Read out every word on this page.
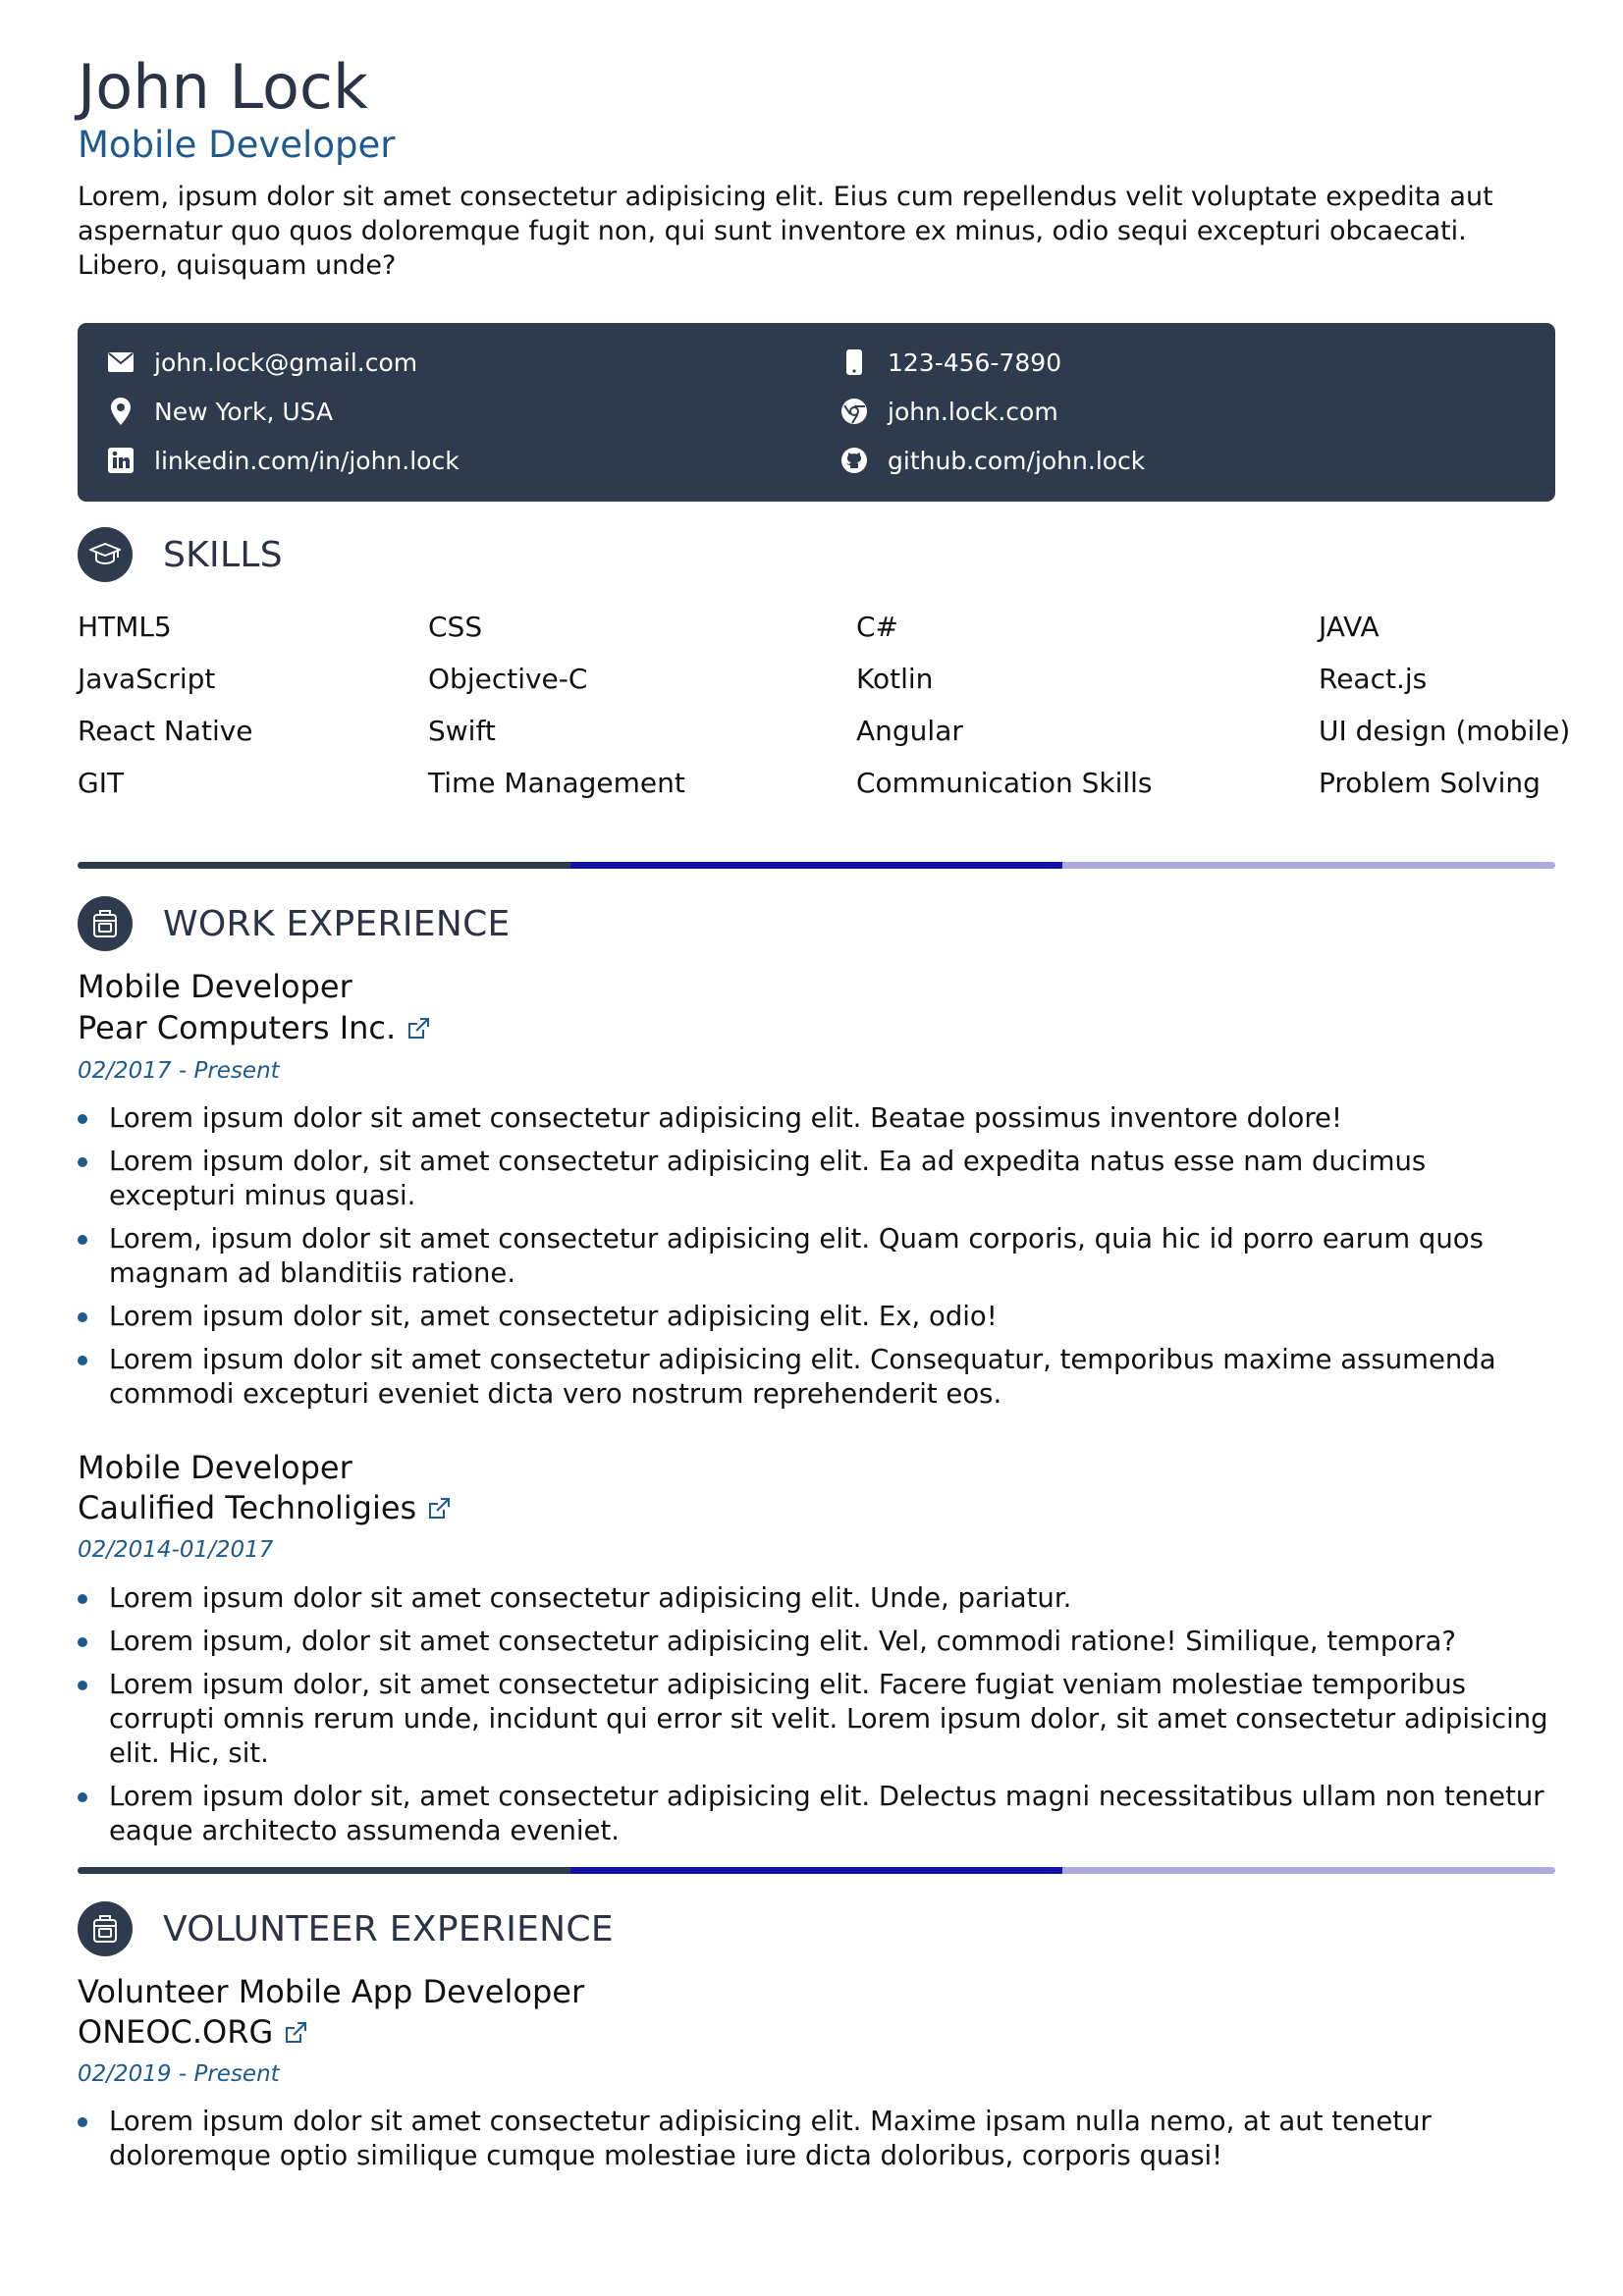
John Lock
Mobile Developer
Lorem, ipsum dolor sit amet consectetur adipisicing elit. Eius cum repellendus velit voluptate expedita aut aspernatur quo quos doloremque fugit non, qui sunt inventore ex minus, odio sequi excepturi obcaecati. Libero, quisquam unde?
john.lock@gmail.com
New York, USA
linkedin.com/in/john.lock
123-456-7890
john.lock.com
github.com/john.lock
SKILLS
HTML5	CSS	C#	JAVA
JavaScript	Objective-C	Kotlin	React.js
React Native	Swift	Angular	UI design (mobile)
GIT	Time Management	Communication Skills	Problem Solving
WORK EXPERIENCE
Mobile Developer
Pear Computers Inc.
02/2017 - Present
Lorem ipsum dolor sit amet consectetur adipisicing elit. Beatae possimus inventore dolore!
Lorem ipsum dolor, sit amet consectetur adipisicing elit. Ea ad expedita natus esse nam ducimus excepturi minus quasi.
Lorem, ipsum dolor sit amet consectetur adipisicing elit. Quam corporis, quia hic id porro earum quos magnam ad blanditiis ratione.
Lorem ipsum dolor sit, amet consectetur adipisicing elit. Ex, odio!
Lorem ipsum dolor sit amet consectetur adipisicing elit. Consequatur, temporibus maxime assumenda commodi excepturi eveniet dicta vero nostrum reprehenderit eos.
Mobile Developer
Caulified Technoligies
02/2014-01/2017
Lorem ipsum dolor sit amet consectetur adipisicing elit. Unde, pariatur.
Lorem ipsum, dolor sit amet consectetur adipisicing elit. Vel, commodi ratione! Similique, tempora?
Lorem ipsum dolor, sit amet consectetur adipisicing elit. Facere fugiat veniam molestiae temporibus corrupti omnis rerum unde, incidunt qui error sit velit. Lorem ipsum dolor, sit amet consectetur adipisicing elit. Hic, sit.
Lorem ipsum dolor sit, amet consectetur adipisicing elit. Delectus magni necessitatibus ullam non tenetur eaque architecto assumenda eveniet.
VOLUNTEER EXPERIENCE
Volunteer Mobile App Developer
ONEOC.ORG
02/2019 - Present
Lorem ipsum dolor sit amet consectetur adipisicing elit. Maxime ipsam nulla nemo, at aut tenetur doloremque optio similique cumque molestiae iure dicta doloribus, corporis quasi!
